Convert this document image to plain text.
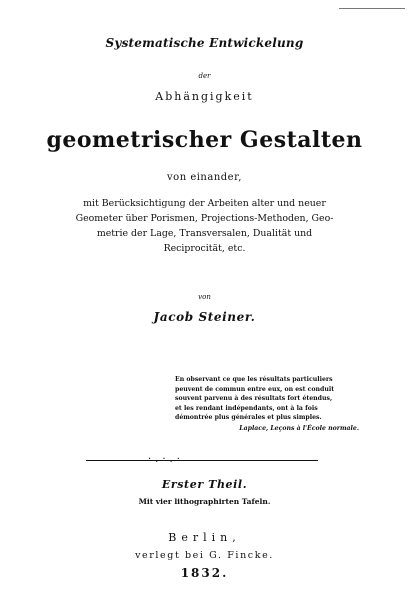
Systematische Entwickelung
der
Abhängigkeit
geometrischer Gestalten
von einander,
mit Berücksichtigung der Arbeiten alter und neuer
Geometer über Porismen, Projections-Methoden, Geo-
metrie der Lage, Transversalen, Dualität und
Reciprocität, etc.
von
Jacob Steiner.
En observant ce que les résultats particuliers
peuvent de commun entre eux, on est conduit
souvent parvenu à des résultats fort étendus,
et les rendant indépendants, ont à la fois
démontrée plus générales et plus simples.
Laplace, Leçons à l'École normale.
·.·.·
Erster Theil.
Mit vier lithographirten Tafeln.
Berlin,
verlegt bei G. Fincke.
1832.
